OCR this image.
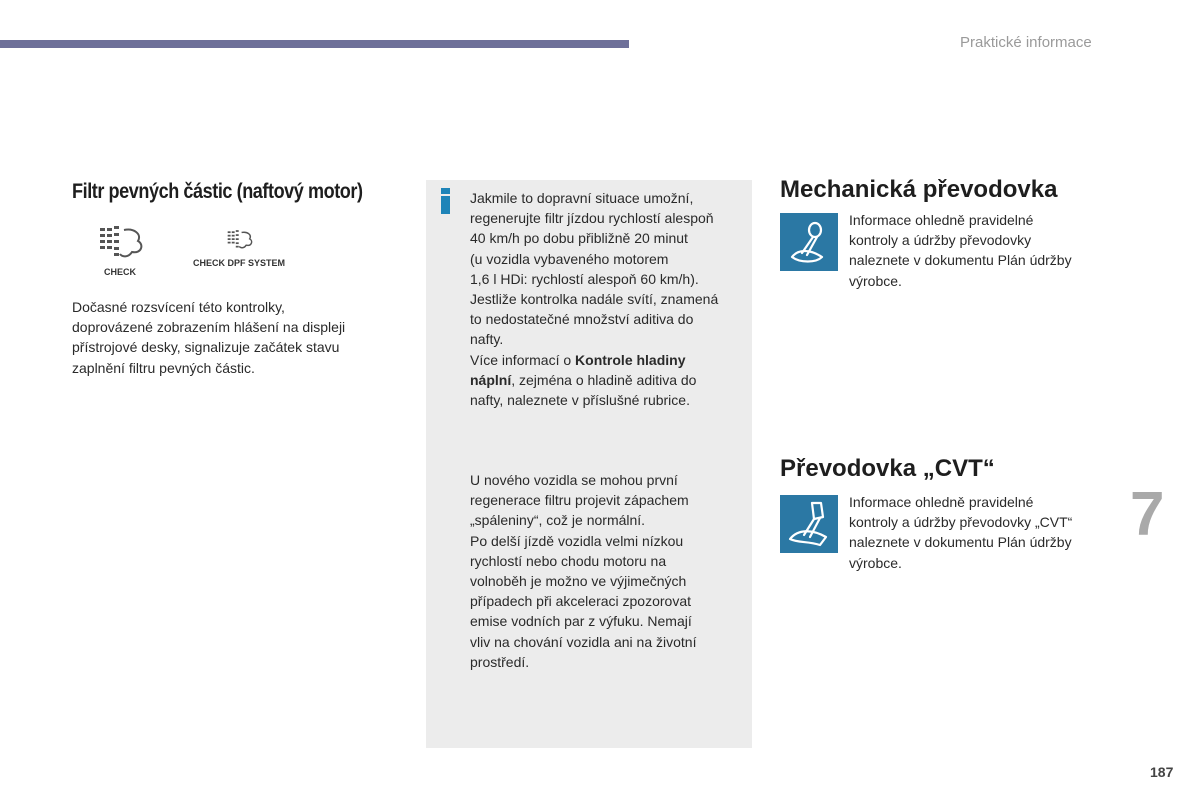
Praktické informace
Filtr pevných částic (naftový motor)
CHECK
CHECK DPF SYSTEM
Dočasné rozsvícení této kontrolky,
doprovázené zobrazením hlášení na displeji
přístrojové desky, signalizuje začátek stavu
zaplnění filtru pevných částic.
Jakmile to dopravní situace umožní,
regenerujte filtr jízdou rychlostí alespoň
40 km/h po dobu přibližně 20 minut
(u vozidla vybaveného motorem
1,6 l HDi: rychlostí alespoň 60 km/h).
Jestliže kontrolka nadále svítí, znamená
to nedostatečné množství aditiva do
nafty.
Více informací o Kontrole hladiny
náplní, zejména o hladině aditiva do
nafty, naleznete v příslušné rubrice.
U nového vozidla se mohou první
regenerace filtru projevit zápachem
„spáleniny“, což je normální.
Po delší jízdě vozidla velmi nízkou
rychlostí nebo chodu motoru na
volnoběh je možno ve výjimečných
případech při akceleraci zpozorovat
emise vodních par z výfuku. Nemají
vliv na chování vozidla ani na životní
prostředí.
Mechanická převodovka
Informace ohledně pravidelné
kontroly a údržby převodovky
naleznete v dokumentu Plán údržby
výrobce.
Převodovka „CVT“
Informace ohledně pravidelné
kontroly a údržby převodovky „CVT“
naleznete v dokumentu Plán údržby
výrobce.
7
187
